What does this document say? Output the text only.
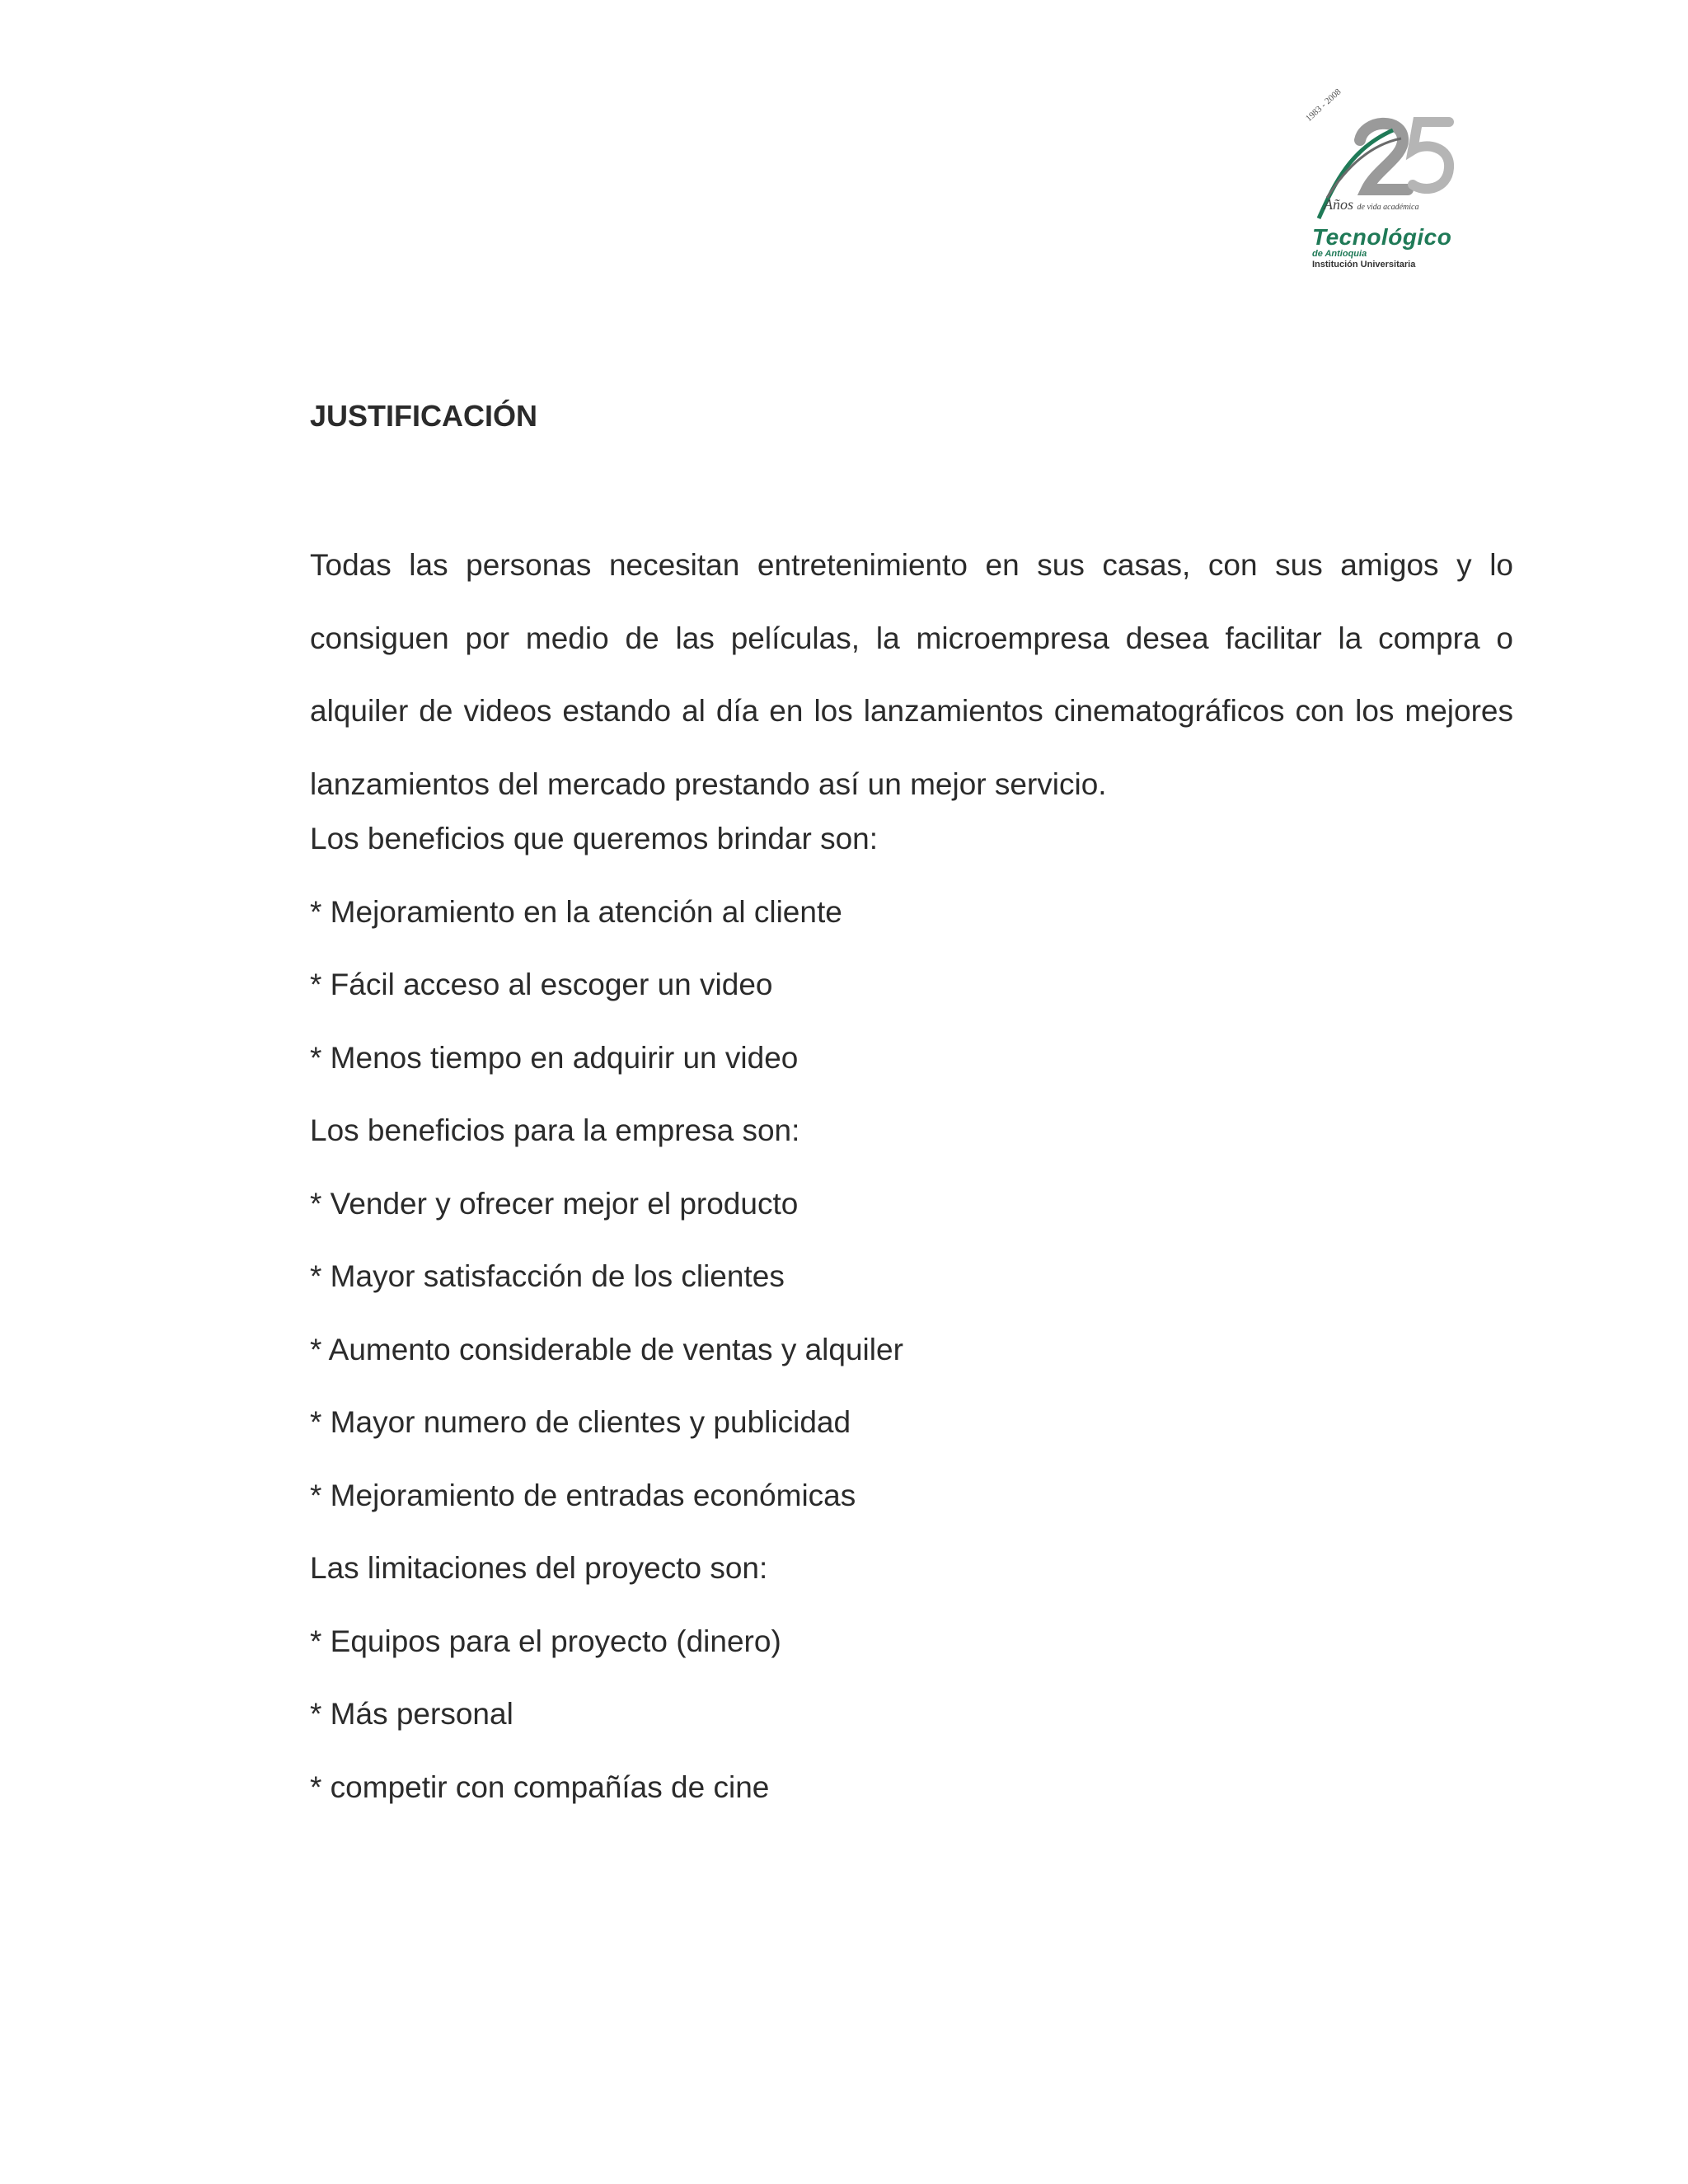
1983 - 2008
Años de vida académica
Tecnológico
de Antioquia
Institución Universitaria
JUSTIFICACIÓN

Todas las personas necesitan entretenimiento en sus casas, con sus amigos y lo consiguen por medio de las películas, la microempresa desea facilitar la compra o alquiler de videos estando al día en los lanzamientos cinematográficos con los mejores lanzamientos del mercado prestando así un mejor servicio.

Los beneficios que queremos brindar son:
* Mejoramiento en la atención al cliente
* Fácil acceso al escoger un video
* Menos tiempo en adquirir un video
Los beneficios para la empresa son:
* Vender y ofrecer mejor el producto
* Mayor satisfacción de los clientes
* Aumento considerable de ventas y alquiler
* Mayor numero de clientes y publicidad
* Mejoramiento de entradas económicas
Las limitaciones del proyecto son:
* Equipos para el proyecto (dinero)
* Más personal
* competir con compañías de cine
